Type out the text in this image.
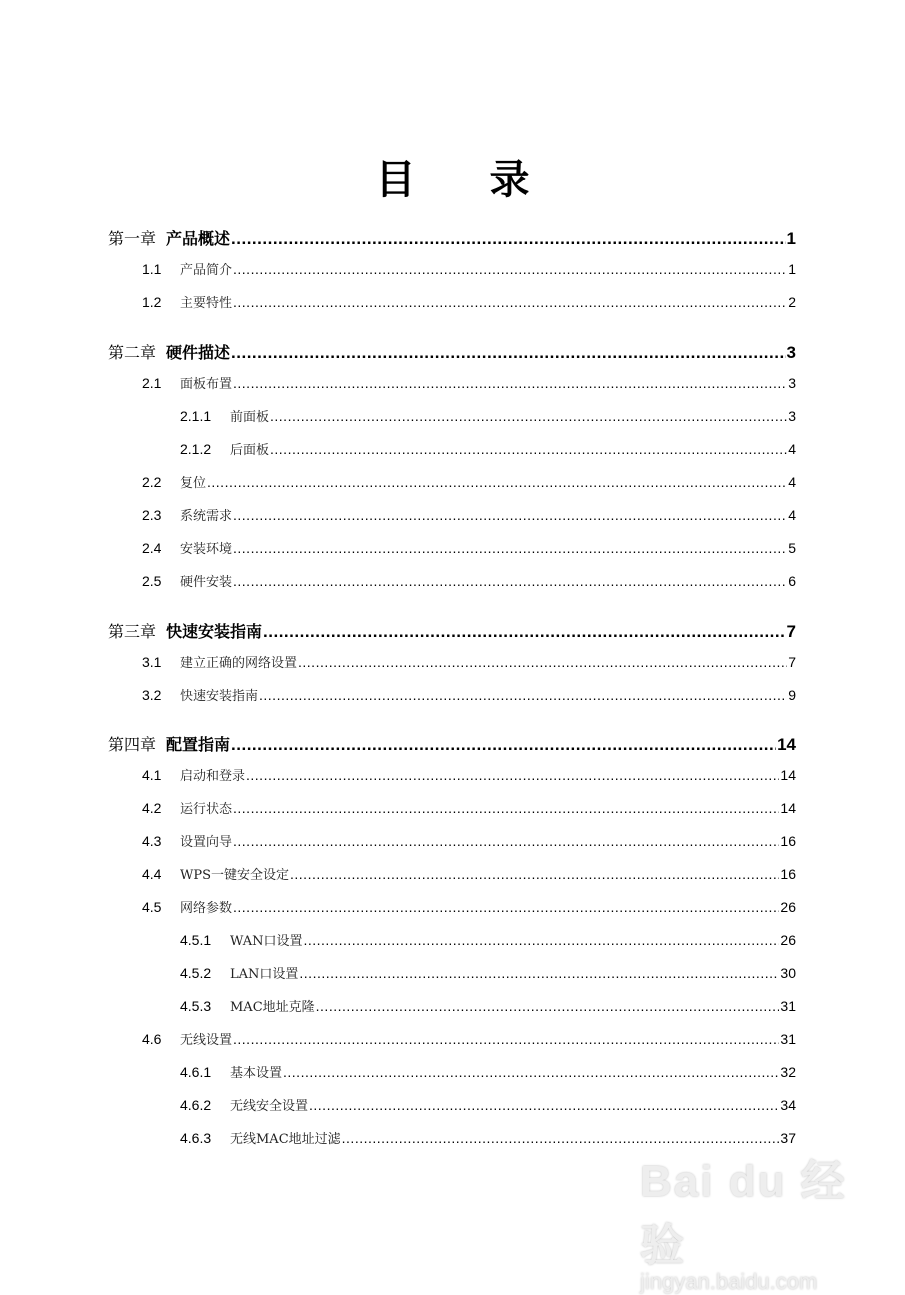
目 录
第一章 产品概述 .....	1
1.1	产品简介 .....	1
1.2	主要特性 .....	2
第二章 硬件描述 .....	3
2.1	面板布置 .....	3
2.1.1	前面板 .....	3
2.1.2	后面板 .....	4
2.2	复位 .....	4
2.3	系统需求 .....	4
2.4	安装环境 .....	5
2.5	硬件安装 .....	6
第三章 快速安装指南 .....	7
3.1	建立正确的网络设置 .....	7
3.2	快速安装指南 .....	9
第四章 配置指南 .....	14
4.1	启动和登录 .....	14
4.2	运行状态 .....	14
4.3	设置向导 .....	16
4.4	WPS一键安全设定 .....	16
4.5	网络参数 .....	26
4.5.1	WAN口设置 .....	26
4.5.2	LAN口设置 .....	30
4.5.3	MAC地址克隆 .....	31
4.6	无线设置 .....	31
4.6.1	基本设置 .....	32
4.6.2	无线安全设置 .....	34
4.6.3	无线MAC地址过滤 .....	37
Bai du 经验
jingyan.baidu.com
